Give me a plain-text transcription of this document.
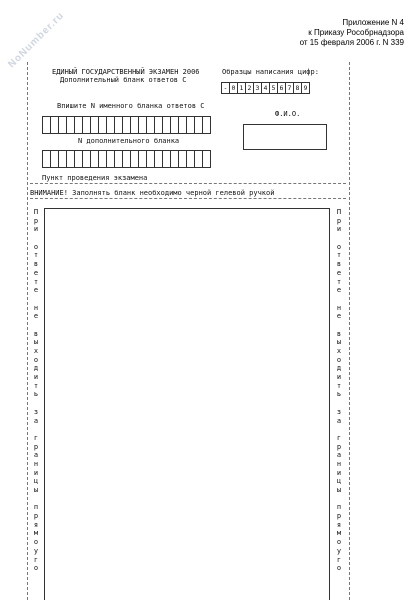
NoNumber.ru	Приложение N 4
к Приказу Рособрнадзора
от 15 февраля 2006 г. N 339
ЕДИНЫЙ ГОСУДАРСТВЕННЫЙ ЭКЗАМЕН 2006
Дополнительный бланк ответов С
Образцы написания цифр:
- 0 1 2 3 4 5 6 7 8 9
Впишите N именного бланка ответов С
Ф.И.О.
N дополнительного бланка
Пункт проведения экзамена
ВНИМАНИЕ! Заполнять бланк необходимо черной гелевой ручкой
П
р
и
о
т
в
е
т
е
н
е
в
ы
х
о
д
и
т
ь
з
а
г
р
а
н
и
ц
ы
п
р
я
м
о
у
г
о
П
р
и
о
т
в
е
т
е
н
е
в
ы
х
о
д
и
т
ь
з
а
г
р
а
н
и
ц
ы
п
р
я
м
о
у
г
о
